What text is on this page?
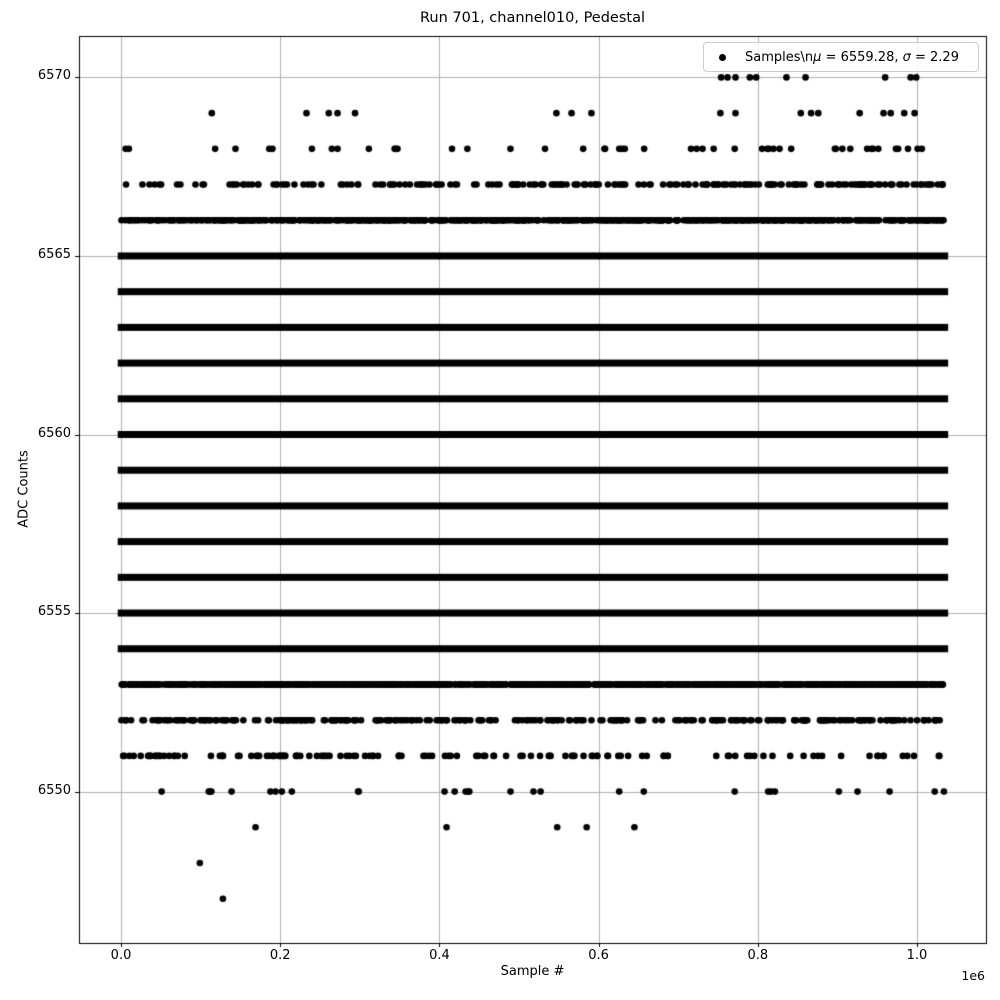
Run 701, channel010, Pedestal
ADC Counts
Sample #	1e6
6550
6555
6560
6565
6570
0.0	0.2	0.4	0.6	0.8	1.0
Samples\nμ = 6559.28, σ = 2.29
